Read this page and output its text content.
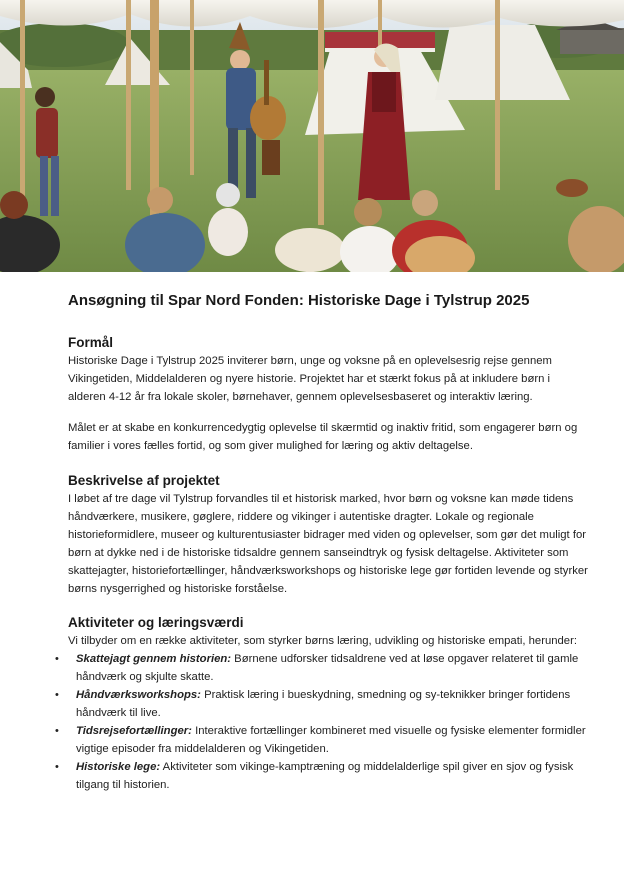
Ansøgning til Spar Nord Fonden: Historiske Dage i Tylstrup 2025
Formål

Historiske Dage i Tylstrup 2025 inviterer børn, unge og voksne på en oplevelsesrig rejse gennem Vikingetiden, Middelalderen og nyere historie. Projektet har et stærkt fokus på at inkludere børn i alderen 4-12 år fra lokale skoler, børnehaver, gennem oplevelsesbaseret og interaktiv læring.

Målet er at skabe en konkurrencedygtig oplevelse til skærmtid og inaktiv fritid, som engagerer børn og familier i vores fælles fortid, og som giver mulighed for læring og aktiv deltagelse.

Beskrivelse af projektet

I løbet af tre dage vil Tylstrup forvandles til et historisk marked, hvor børn og voksne kan møde tidens håndværkere, musikere, gøglere, riddere og vikinger i autentiske dragter. Lokale og regionale historieformidlere, museer og kulturentusiaster bidrager med viden og oplevelser, som gør det muligt for børn at dykke ned i de historiske tidsaldre gennem sanseindtryk og fysisk deltagelse. Aktiviteter som skattejagter, historiefortællinger, håndværksworkshops og historiske lege gør fortiden levende og styrker børns nysgerrighed og historiske forståelse.

Aktiviteter og læringsværdi

Vi tilbyder om en række aktiviteter, som styrker børns læring, udvikling og historiske empati, herunder:

• Skattejagt gennem historien: Børnene udforsker tidsaldrene ved at løse opgaver relateret til gamle håndværk og skjulte skatte.
• Håndværksworkshops: Praktisk læring i bueskydning, smedning og sy-teknikker bringer fortidens håndværk til live.
• Tidsrejsefortællinger: Interaktive fortællinger kombineret med visuelle og fysiske elementer formidler vigtige episoder fra middelalderen og Vikingetiden.
• Historiske lege: Aktiviteter som vikinge-kamptræning og middelalderlige spil giver en sjov og fysisk tilgang til historien.
